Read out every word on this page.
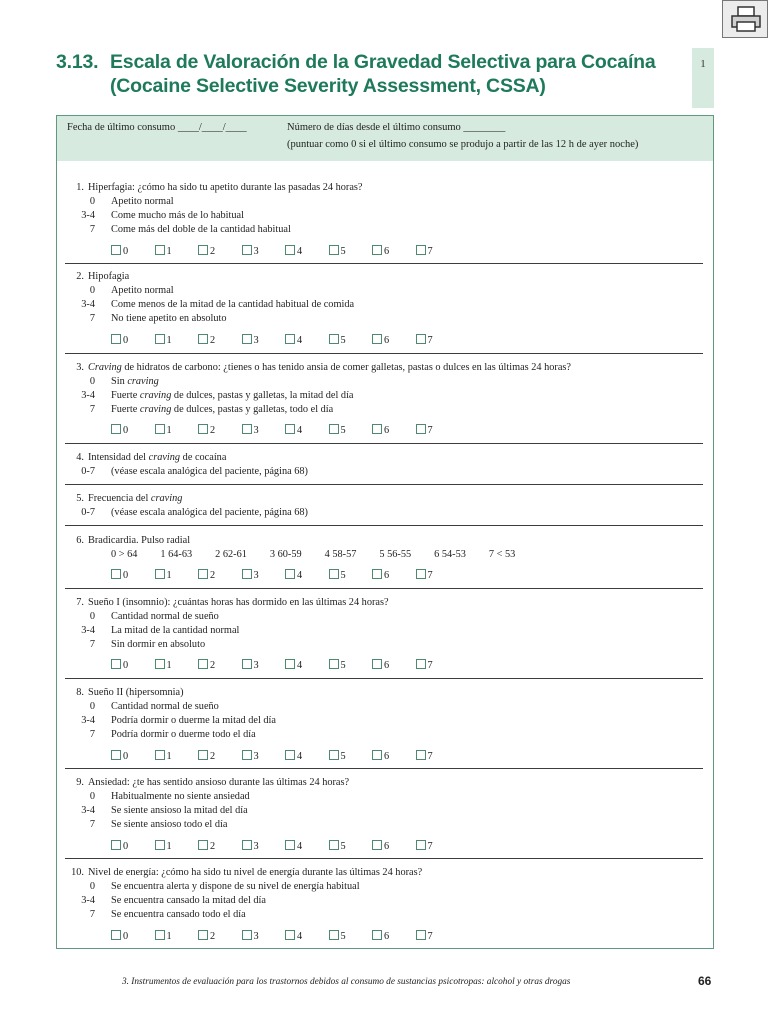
3.13. Escala de Valoración de la Gravedad Selectiva para Cocaína
(Cocaine Selective Severity Assessment, CSSA)
1
Fecha de último consumo ____/____/____	Número de días desde el último consumo ________
(puntuar como 0 si el último consumo se produjo a partir de las 12 h de ayer noche)
1. Hiperfagia: ¿cómo ha sido tu apetito durante las pasadas 24 horas?
0 Apetito normal
3-4 Come mucho más de lo habitual
7 Come más del doble de la cantidad habitual
0	1	2	3	4	5	6	7
2. Hipofagia
0 Apetito normal
3-4 Come menos de la mitad de la cantidad habitual de comida
7 No tiene apetito en absoluto
0	1	2	3	4	5	6	7
3. Craving de hidratos de carbono: ¿tienes o has tenido ansia de comer galletas, pastas o dulces en las últimas 24 horas?
0 Sin craving
3-4 Fuerte craving de dulces, pastas y galletas, la mitad del día
7 Fuerte craving de dulces, pastas y galletas, todo el día
0	1	2	3	4	5	6	7
4. Intensidad del craving de cocaína
0-7 (véase escala analógica del paciente, página 68)
5. Frecuencia del craving
0-7 (véase escala analógica del paciente, página 68)
6. Bradicardia. Pulso radial
0 > 64 1 64-63 2 62-61 3 60-59 4 58-57 5 56-55 6 54-53 7 < 53
0	1	2	3	4	5	6	7
7. Sueño I (insomnio): ¿cuántas horas has dormido en las últimas 24 horas?
0 Cantidad normal de sueño
3-4 La mitad de la cantidad normal
7 Sin dormir en absoluto
0	1	2	3	4	5	6	7
8. Sueño II (hipersomnia)
0 Cantidad normal de sueño
3-4 Podría dormir o duerme la mitad del día
7 Podría dormir o duerme todo el día
0	1	2	3	4	5	6	7
9. Ansiedad: ¿te has sentido ansioso durante las últimas 24 horas?
0 Habitualmente no siente ansiedad
3-4 Se siente ansioso la mitad del día
7 Se siente ansioso todo el día
0	1	2	3	4	5	6	7
10. Nivel de energía: ¿cómo ha sido tu nivel de energía durante las últimas 24 horas?
0 Se encuentra alerta y dispone de su nivel de energía habitual
3-4 Se encuentra cansado la mitad del día
7 Se encuentra cansado todo el día
0	1	2	3	4	5	6	7
3. Instrumentos de evaluación para los trastornos debidos al consumo de sustancias psicotropas: alcohol y otras drogas	66
